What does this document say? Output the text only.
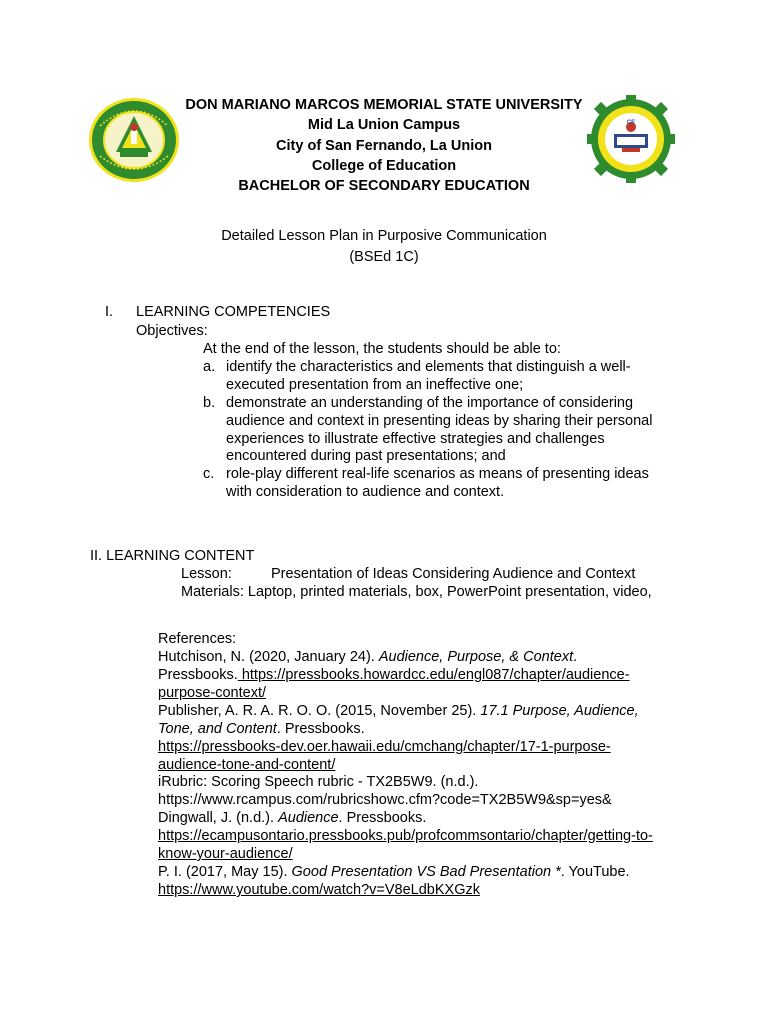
CE

DON MARIANO MARCOS MEMORIAL STATE UNIVERSITY

Mid La Union Campus

City of San Fernando, La Union

College of Education

BACHELOR OF SECONDARY EDUCATION

Detailed Lesson Plan in Purposive Communication

(BSEd 1C)

I. LEARNING COMPETENCIES

Objectives:

At the end of the lesson, the students should be able to:

a. identify the characteristics and elements that distinguish a well-

executed presentation from an ineffective one;

b. demonstrate an understanding of the importance of considering

audience and context in presenting ideas by sharing their personal

experiences to illustrate effective strategies and challenges

encountered during past presentations; and

c. role-play different real-life scenarios as means of presenting ideas

with consideration to audience and context.

II. LEARNING CONTENT

Lesson:	Presentation of Ideas Considering Audience and Context

Materials: Laptop, printed materials, box, PowerPoint presentation, video,

References:

Hutchison, N. (2020, January 24). Audience, Purpose, & Context.

Pressbooks. https://pressbooks.howardcc.edu/engl087/chapter/audience-

purpose-context/

Publisher, A. R. A. R. O. O. (2015, November 25). 17.1 Purpose, Audience,

Tone, and Content. Pressbooks.

https://pressbooks-dev.oer.hawaii.edu/cmchang/chapter/17-1-purpose-

audience-tone-and-content/

iRubric: Scoring Speech rubric - TX2B5W9. (n.d.).

https://www.rcampus.com/rubricshowc.cfm?code=TX2B5W9&sp=yes&

Dingwall, J. (n.d.). Audience. Pressbooks.

https://ecampusontario.pressbooks.pub/profcommsontario/chapter/getting-to-

know-your-audience/

P. I. (2017, May 15). Good Presentation VS Bad Presentation *. YouTube.

https://www.youtube.com/watch?v=V8eLdbKXGzk
